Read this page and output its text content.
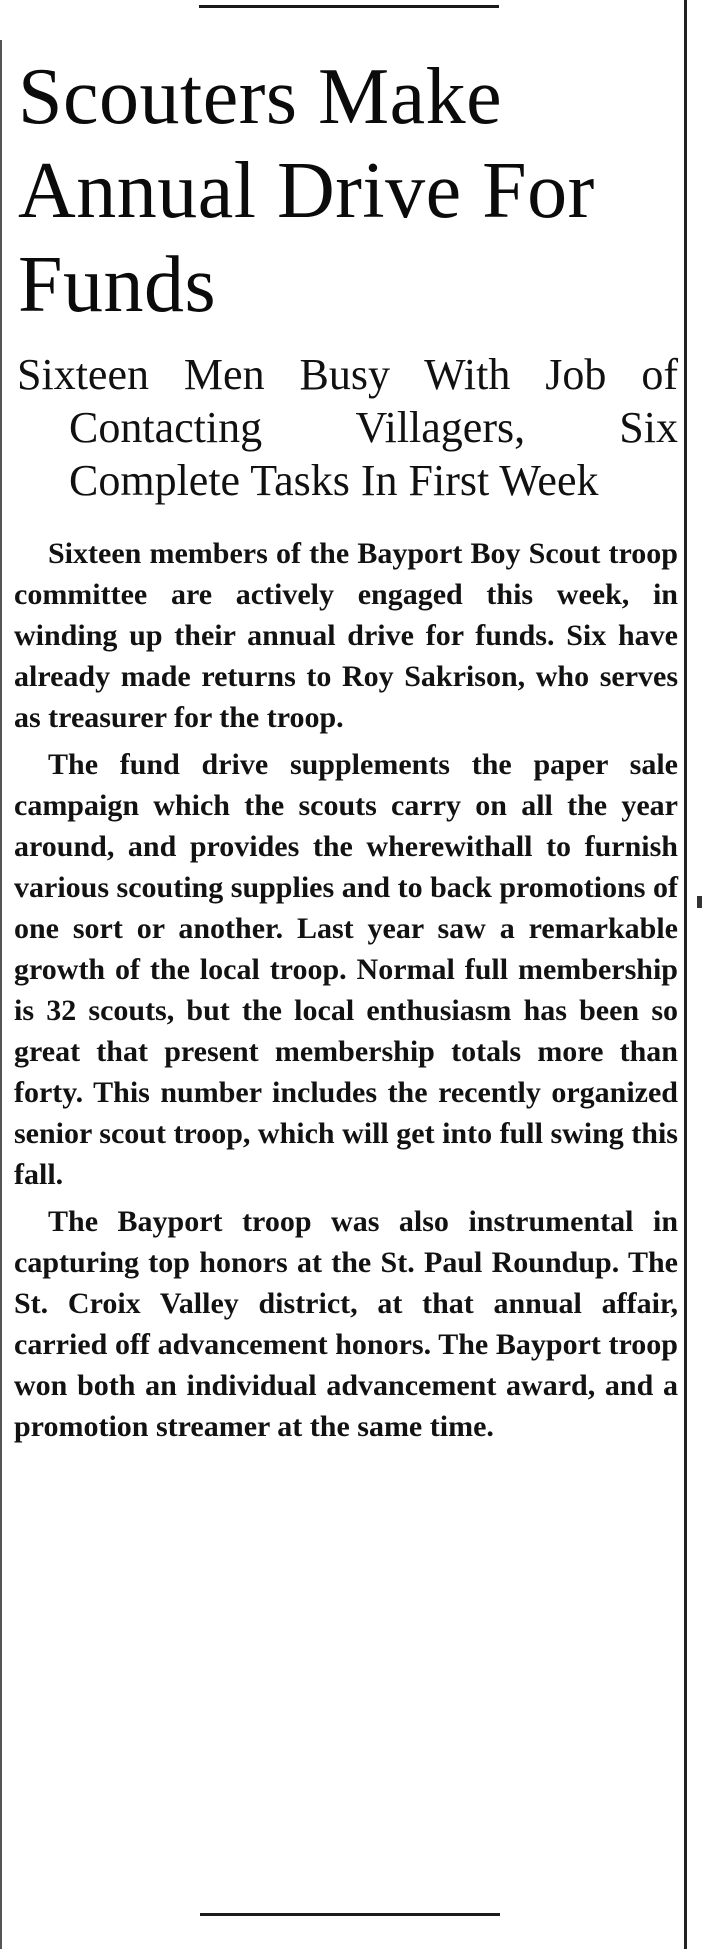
Scouters Make Annual Drive For Funds
Sixteen Men Busy With Job of Contacting Villagers, Six Complete Tasks In First Week

Sixteen members of the Bayport Boy Scout troop committee are actively engaged this week, in winding up their annual drive for funds. Six have already made returns to Roy Sakrison, who serves as treasurer for the troop.

The fund drive supplements the paper sale campaign which the scouts carry on all the year around, and provides the wherewithall to furnish various scouting supplies and to back promotions of one sort or another. Last year saw a remarkable growth of the local troop. Normal full membership is 32 scouts, but the local enthusiasm has been so great that present membership totals more than forty. This number includes the recently organized senior scout troop, which will get into full swing this fall.

The Bayport troop was also instrumental in capturing top honors at the St. Paul Roundup. The St. Croix Valley district, at that annual affair, carried off advancement honors. The Bayport troop won both an individual advancement award, and a promotion streamer at the same time.
